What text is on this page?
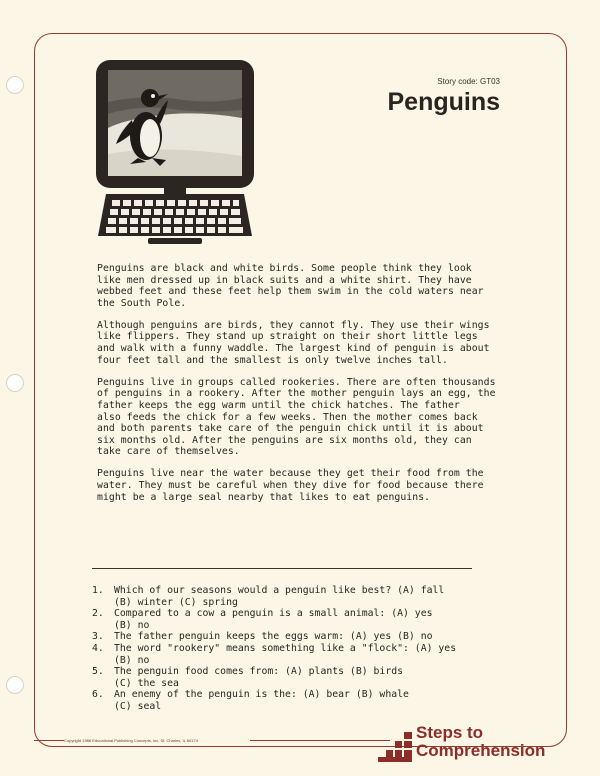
Story code: GT03
Penguins

Penguins are black and white birds. Some people think they look
like men dressed up in black suits and a white shirt. They have
webbed feet and these feet help them swim in the cold waters near
the South Pole.

Although penguins are birds, they cannot fly. They use their wings
like flippers. They stand up straight on their short little legs
and walk with a funny waddle. The largest kind of penguin is about
four feet tall and the smallest is only twelve inches tall.

Penguins live in groups called rookeries. There are often thousands
of penguins in a rookery. After the mother penguin lays an egg, the
father keeps the egg warm until the chick hatches. The father
also feeds the chick for a few weeks. Then the mother comes back
and both parents take care of the penguin chick until it is about
six months old. After the penguins are six months old, they can
take care of themselves.

Penguins live near the water because they get their food from the
water. They must be careful when they dive for food because there
might be a large seal nearby that likes to eat penguins.

1.	Which of our seasons would a penguin like best? (A) fall
(B) winter (C) spring
2.	Compared to a cow a penguin is a small animal: (A) yes
(B) no
3.	The father penguin keeps the eggs warm: (A) yes (B) no
4.	The word "rookery" means something like a "flock": (A) yes
(B) no
5.	The penguin food comes from: (A) plants (B) birds
(C) the sea
6.	An enemy of the penguin is the: (A) bear (B) whale
(C) seal
Copyright 1986 Educational Publishing Concepts, Inc. St. Charles, IL 60174	Steps to
Comprehension
